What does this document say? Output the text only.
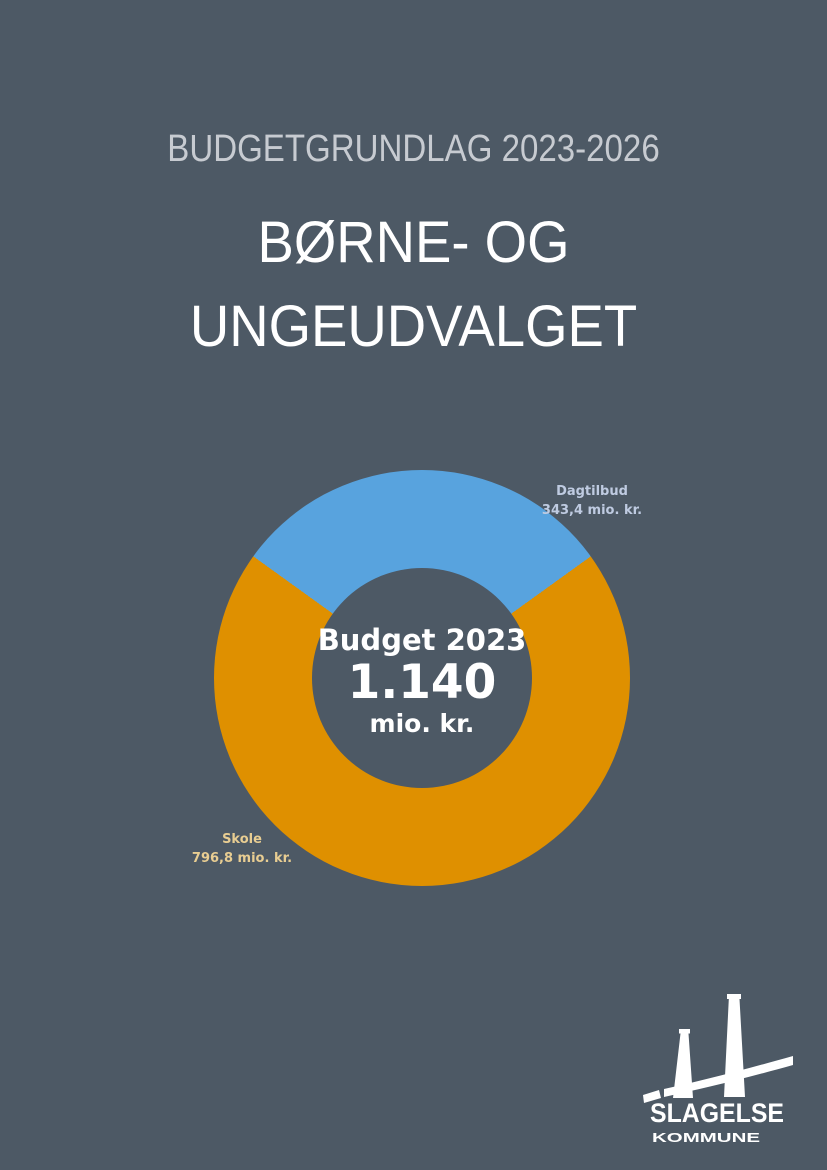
BUDGETGRUNDLAG 2023-2026
BØRNE- OG
UNGEUDVALGET
Budget 2023
1.140
mio. kr.
Dagtilbud
343,4 mio. kr.
Skole
796,8 mio. kr.
SLAGELSE
KOMMUNE
